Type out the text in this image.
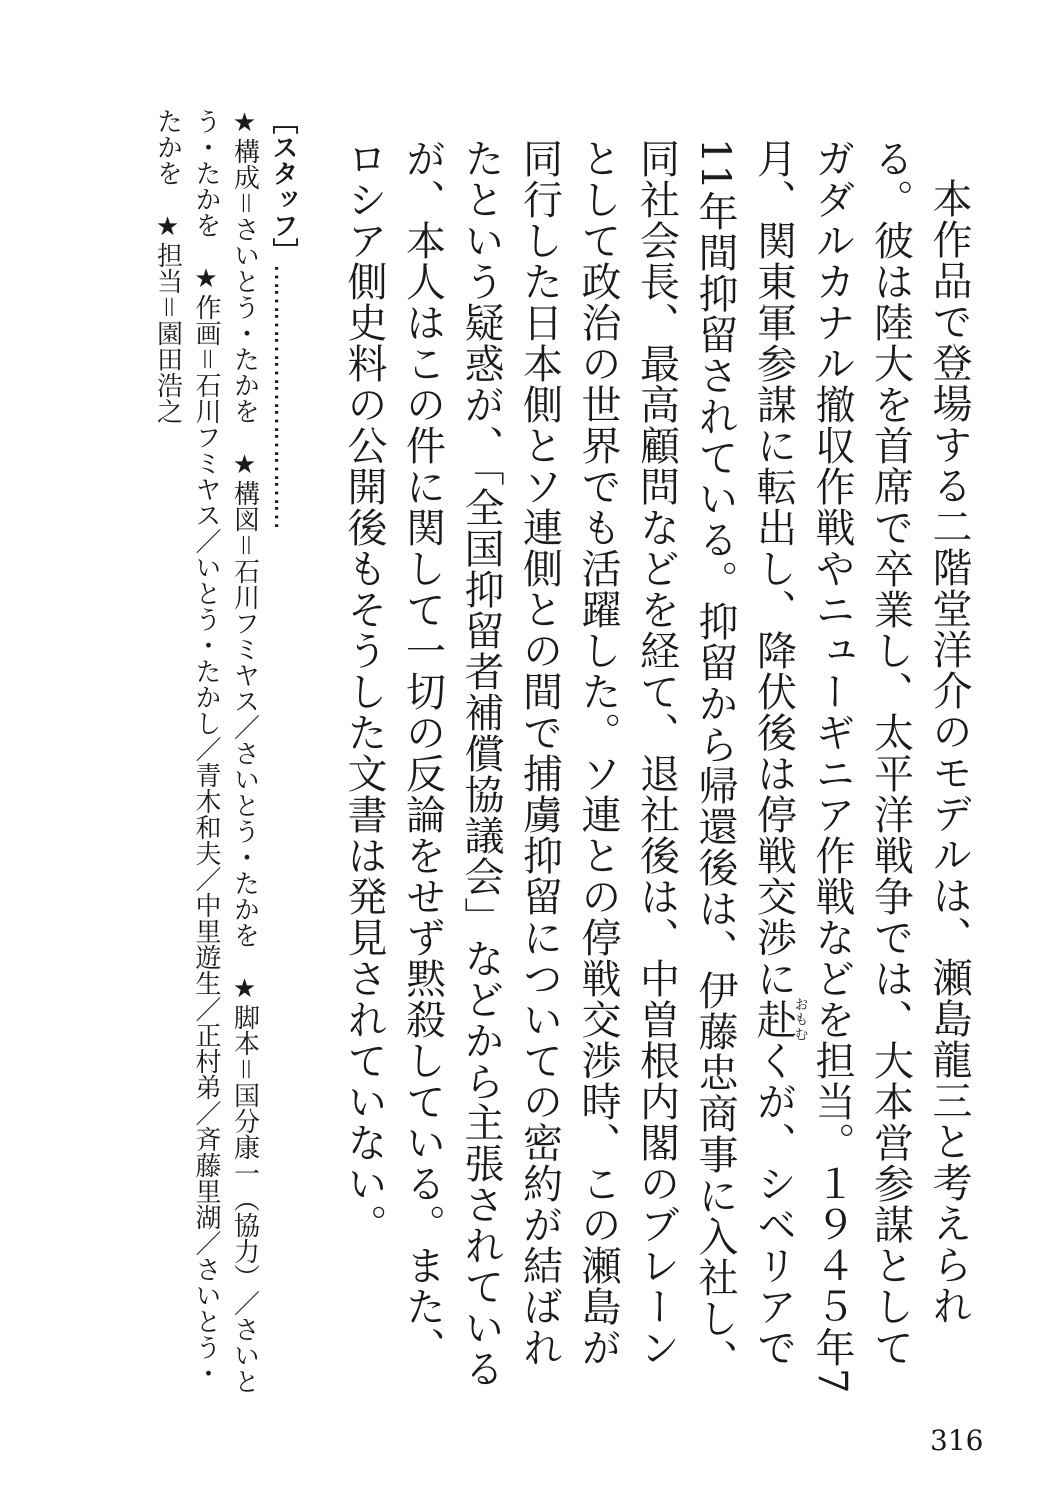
本作品で登場する二階堂洋介のモデルは、瀬島龍三と考えられる。彼は陸大を首席で卒業し、太平洋戦争では、大本営参謀としてガダルカナル撤収作戦やニューギニア作戦などを担当。１９４５年7月、関東軍参謀に転出し、降伏後は停戦交渉に赴おもむくが、シベリアで11年間抑留されている。抑留から帰還後は、伊藤忠商事に入社し、同社会長、最高顧問などを経て、退社後は、中曽根内閣のブレーンとして政治の世界でも活躍した。ソ連との停戦交渉時、この瀬島が同行した日本側とソ連側との間で捕虜抑留についての密約が結ばれたという疑惑が、「全国抑留者補償協議会」などから主張されているが、本人はこの件に関して一切の反論をせず黙殺している。また、ロシア側史料の公開後もそうした文書は発見されていない。

［スタッフ］……………………………

★構成＝さいとう・たかを　★構図＝石川フミヤス／さいとう・たかを　★脚本＝国分康一（協力）／さいとう・たかを　★作画＝石川フミヤス／いとう・たかし／青木和夫／中里遊生／正村弟／斉藤里湖／さいとう・たかを　★担当＝園田浩之

316
